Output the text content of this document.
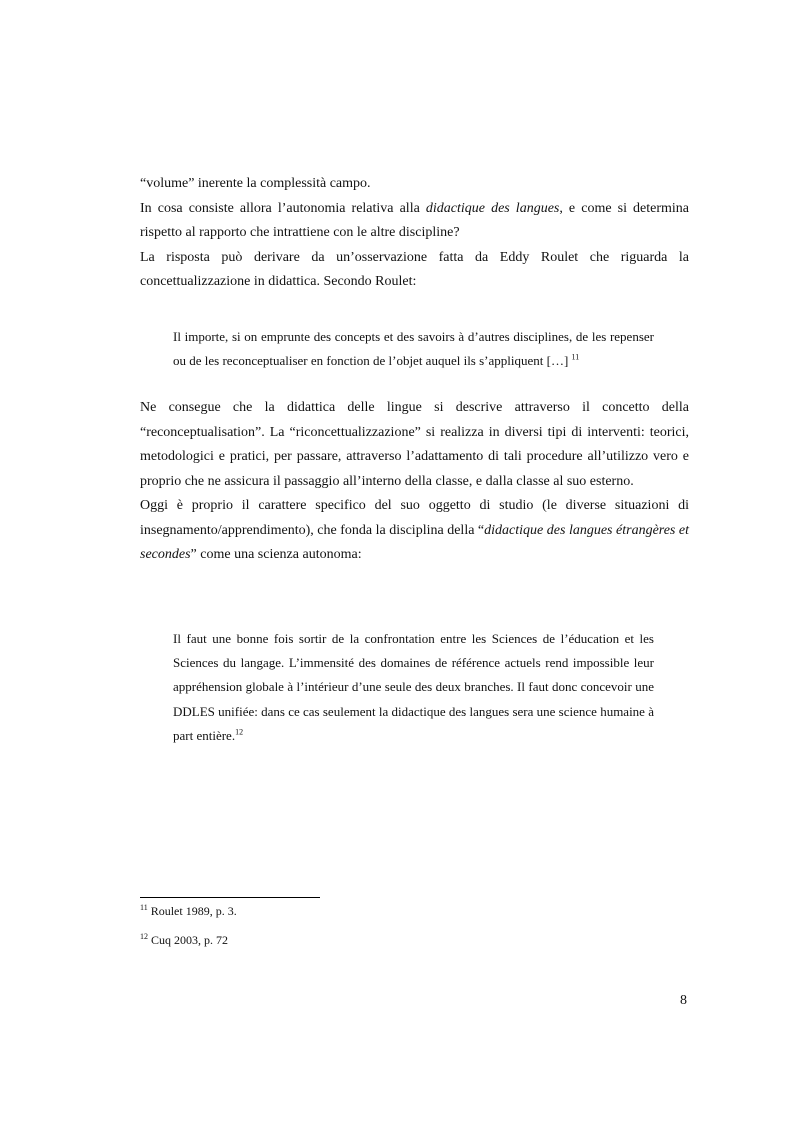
“volume” inerente la complessità campo.

In cosa consiste allora l’autonomia relativa alla didactique des langues, e come si determina rispetto al rapporto che intrattiene con le altre discipline?

La risposta può derivare da un’osservazione fatta da Eddy Roulet che riguarda la concettualizzazione in didattica. Secondo Roulet:

Il importe, si on emprunte des concepts et des savoirs à d’autres disciplines, de les repenser ou de les reconceptualiser en fonction de l’objet auquel ils s’appliquent […] $^{11}$

Ne consegue che la didattica delle lingue si descrive attraverso il concetto della “reconceptualisation”. La “riconcettualizzazione” si realizza in diversi tipi di interventi: teorici, metodologici e pratici, per passare, attraverso l’adattamento di tali procedure all’utilizzo vero e proprio che ne assicura il passaggio all’interno della classe, e dalla classe al suo esterno.

Oggi è proprio il carattere specifico del suo oggetto di studio (le diverse situazioni di insegnamento/apprendimento), che fonda la disciplina della “didactique des langues étrangères et secondes” come una scienza autonoma:

Il faut une bonne fois sortir de la confrontation entre les Sciences de l’éducation et les Sciences du langage. L’immensité des domaines de référence actuels rend impossible leur appréhension globale à l’intérieur d’une seule des deux branches. Il faut donc concevoir une DDLES unifiée: dans ce cas seulement la didactique des langues sera une science humaine à part entière.$^{12}$

$^{11}$ Roulet 1989, p. 3.
$^{12}$ Cuq 2003, p. 72
8
